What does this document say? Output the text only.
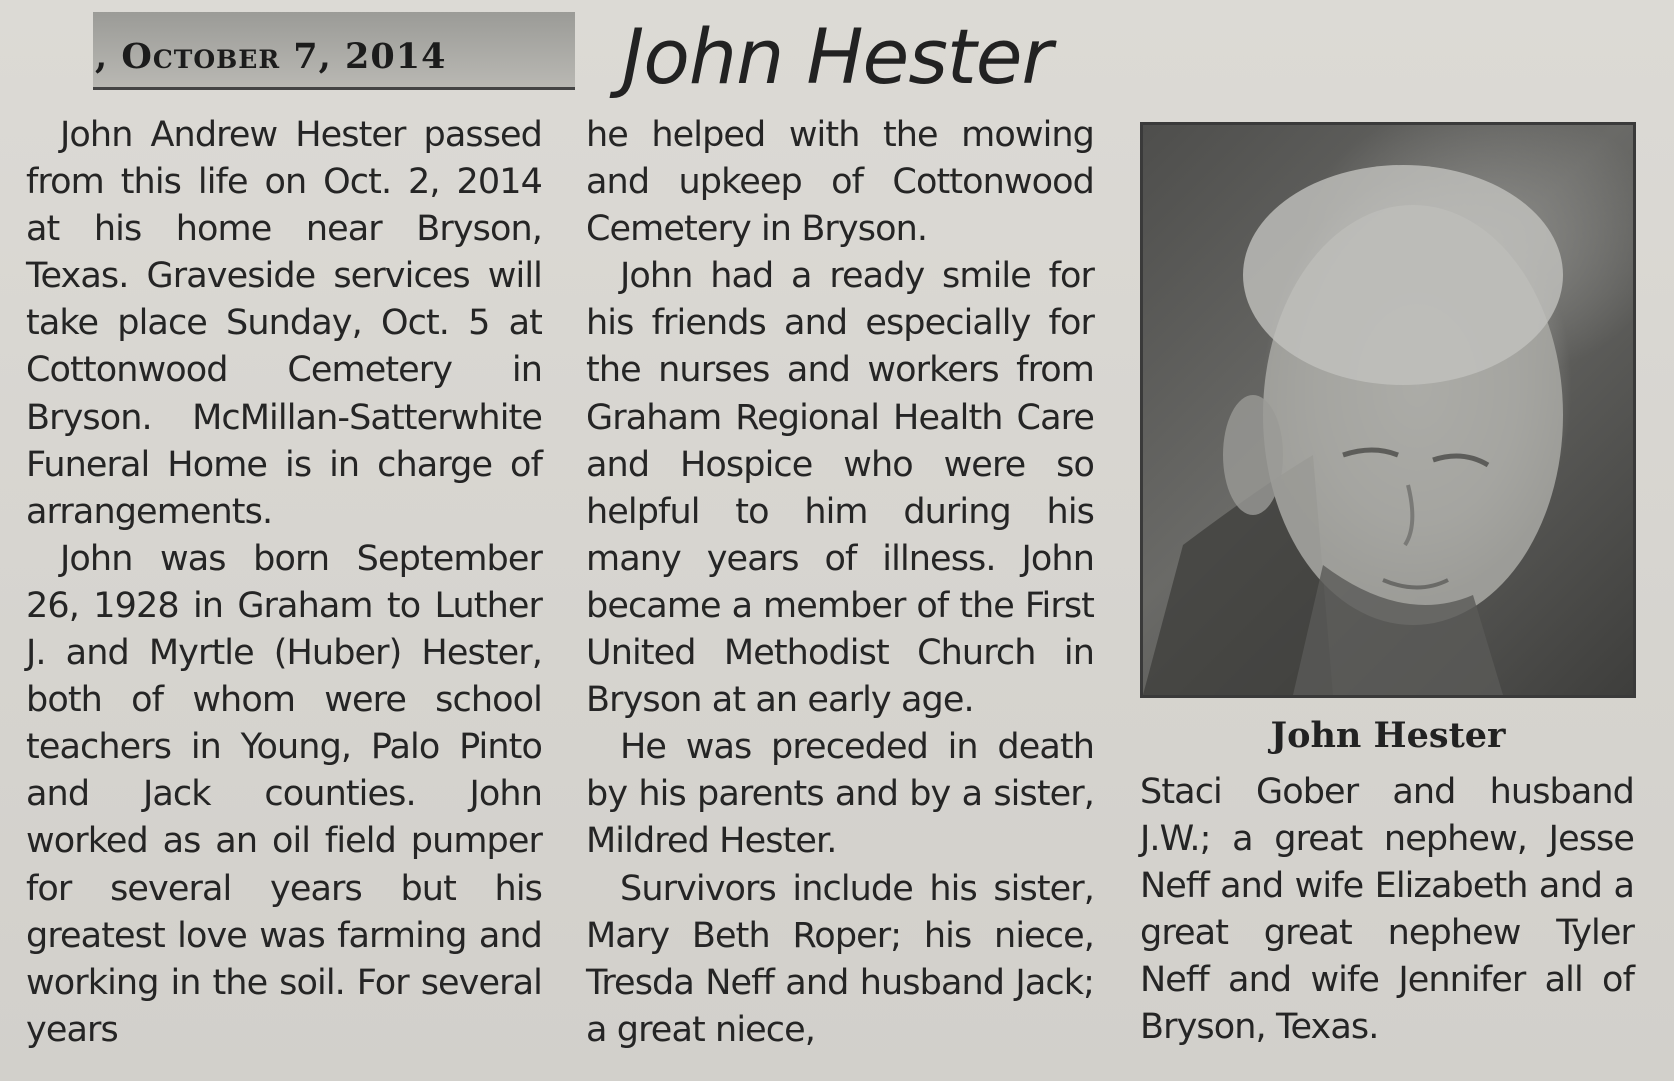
, October 7, 2014 John Hester

John Andrew Hester passed from this life on Oct. 2, 2014 at his home near Bryson, Texas. Graveside services will take place Sunday, Oct. 5 at Cottonwood Cemetery in Bryson. McMillan-Satterwhite Funeral Home is in charge of arrangements.

John was born September 26, 1928 in Graham to Luther J. and Myrtle (Huber) Hester, both of whom were school teachers in Young, Palo Pinto and Jack counties. John worked as an oil field pumper for several years but his greatest love was farming and working in the soil. For several years

he helped with the mowing and upkeep of Cottonwood Cemetery in Bryson.

John had a ready smile for his friends and especially for the nurses and workers from Graham Regional Health Care and Hospice who were so helpful to him during his many years of illness. John became a member of the First United Methodist Church in Bryson at an early age.

He was preceded in death by his parents and by a sister, Mildred Hester.

Survivors include his sister, Mary Beth Roper; his niece, Tresda Neff and husband Jack; a great niece,

John Hester

Staci Gober and husband J.W.; a great nephew, Jesse Neff and wife Elizabeth and a great great nephew Tyler Neff and wife Jennifer all of Bryson, Texas.
